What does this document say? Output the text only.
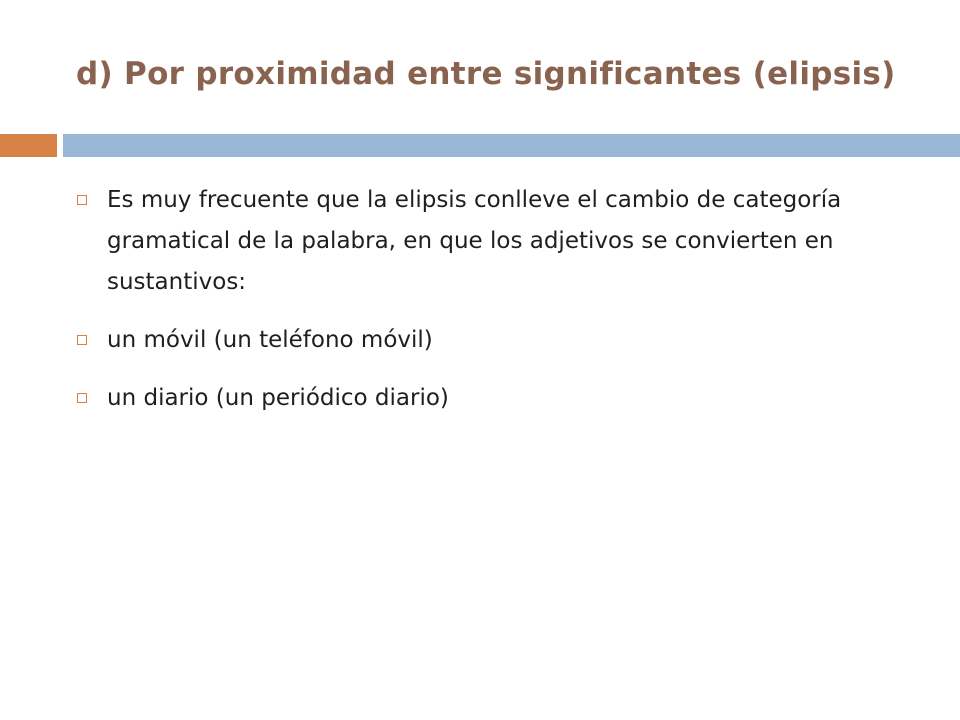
d) Por proximidad entre significantes (elipsis)
Es muy frecuente que la elipsis conlleve el cambio de categoría gramatical de la palabra, en que los adjetivos se convierten en sustantivos:
un móvil (un teléfono móvil)
un diario (un periódico diario)
